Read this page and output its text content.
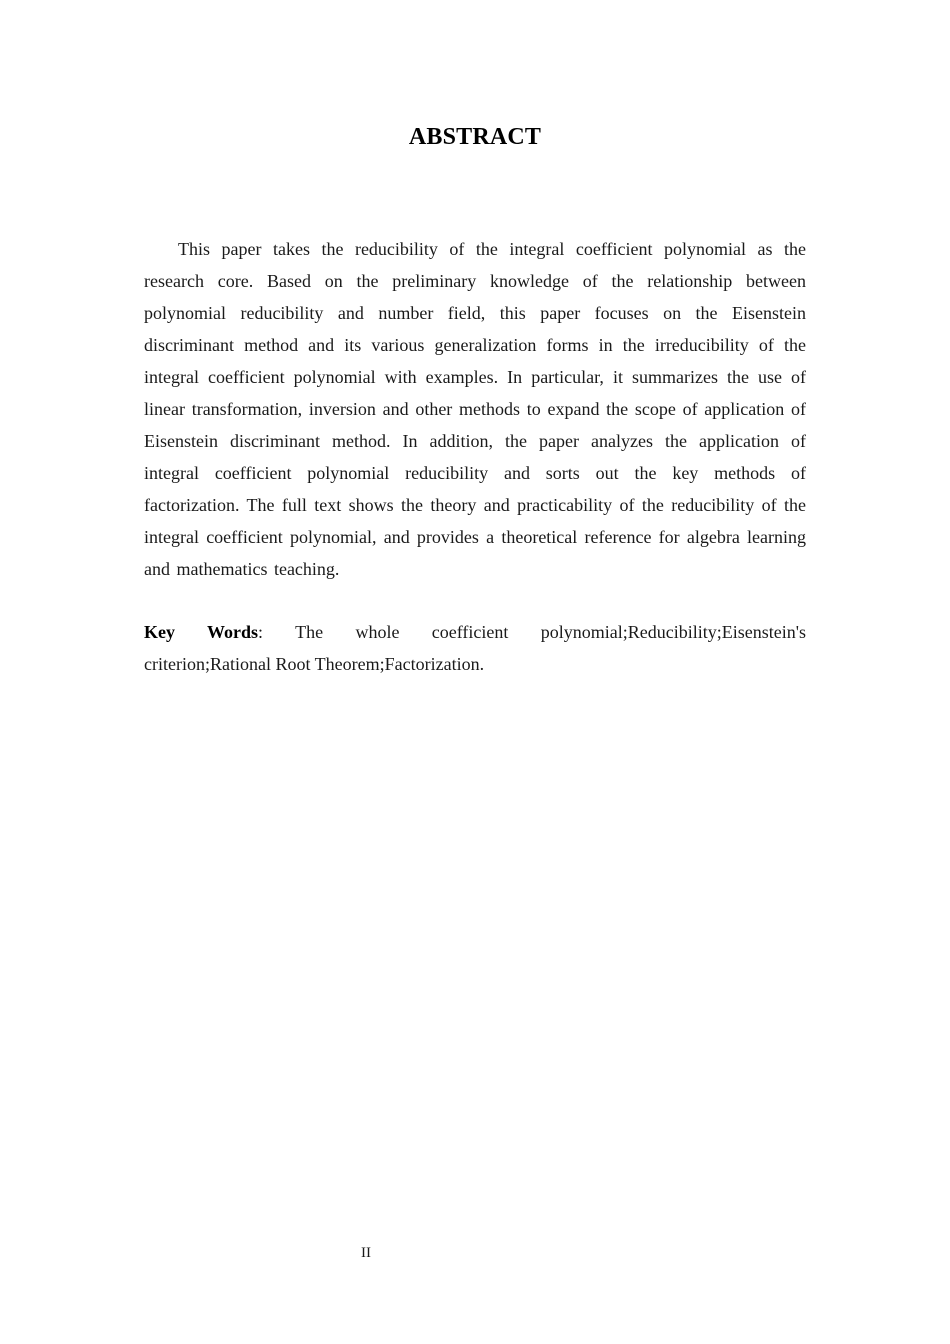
ABSTRACT

This paper takes the reducibility of the integral coefficient polynomial as the research core. Based on the preliminary knowledge of the relationship between polynomial reducibility and number field, this paper focuses on the Eisenstein discriminant method and its various generalization forms in the irreducibility of the integral coefficient polynomial with examples. In particular, it summarizes the use of linear transformation, inversion and other methods to expand the scope of application of Eisenstein discriminant method. In addition, the paper analyzes the application of integral coefficient polynomial reducibility and sorts out the key methods of factorization. The full text shows the theory and practicability of the reducibility of the integral coefficient polynomial, and provides a theoretical reference for algebra learning and mathematics teaching.

Key Words: The whole coefficient polynomial;Reducibility;Eisenstein's criterion;Rational Root Theorem;Factorization.

II
